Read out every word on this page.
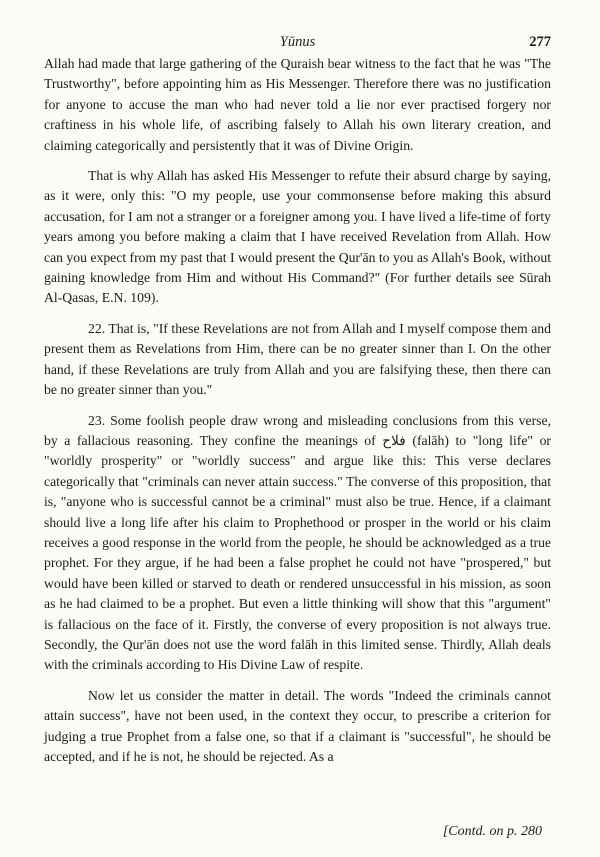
Yūnus	277

Allah had made that large gathering of the Quraish bear witness to the fact that he was "The Trustworthy", before appointing him as His Messenger. Therefore there was no justification for anyone to accuse the man who had never told a lie nor ever practised forgery nor craftiness in his whole life, of ascribing falsely to Allah his own literary creation, and claiming categorically and persistently that it was of Divine Origin.

That is why Allah has asked His Messenger to refute their absurd charge by saying, as it were, only this: "O my people, use your commonsense before making this absurd accusation, for I am not a stranger or a foreigner among you. I have lived a life-time of forty years among you before making a claim that I have received Revelation from Allah. How can you expect from my past that I would present the Qur'ān to you as Allah's Book, without gaining knowledge from Him and without His Command?" (For further details see Sūrah Al-Qasas, E.N. 109).

22. That is, "If these Revelations are not from Allah and I myself compose them and present them as Revelations from Him, there can be no greater sinner than I. On the other hand, if these Revelations are truly from Allah and you are falsifying these, then there can be no greater sinner than you."

23. Some foolish people draw wrong and misleading conclusions from this verse, by a fallacious reasoning. They confine the meanings of فلاح (falāh) to "long life" or "worldly prosperity" or "worldly success" and argue like this: This verse declares categorically that "criminals can never attain success." The converse of this proposition, that is, "anyone who is successful cannot be a criminal" must also be true. Hence, if a claimant should live a long life after his claim to Prophethood or prosper in the world or his claim receives a good response in the world from the people, he should be acknowledged as a true prophet. For they argue, if he had been a false prophet he could not have "prospered," but would have been killed or starved to death or rendered unsuccessful in his mission, as soon as he had claimed to be a prophet. But even a little thinking will show that this "argument" is fallacious on the face of it. Firstly, the converse of every proposition is not always true. Secondly, the Qur'ān does not use the word falāh in this limited sense. Thirdly, Allah deals with the criminals according to His Divine Law of respite.

Now let us consider the matter in detail. The words "Indeed the criminals cannot attain success", have not been used, in the context they occur, to prescribe a criterion for judging a true Prophet from a false one, so that if a claimant is "successful", he should be accepted, and if he is not, he should be rejected. As a

[Contd. on p. 280
